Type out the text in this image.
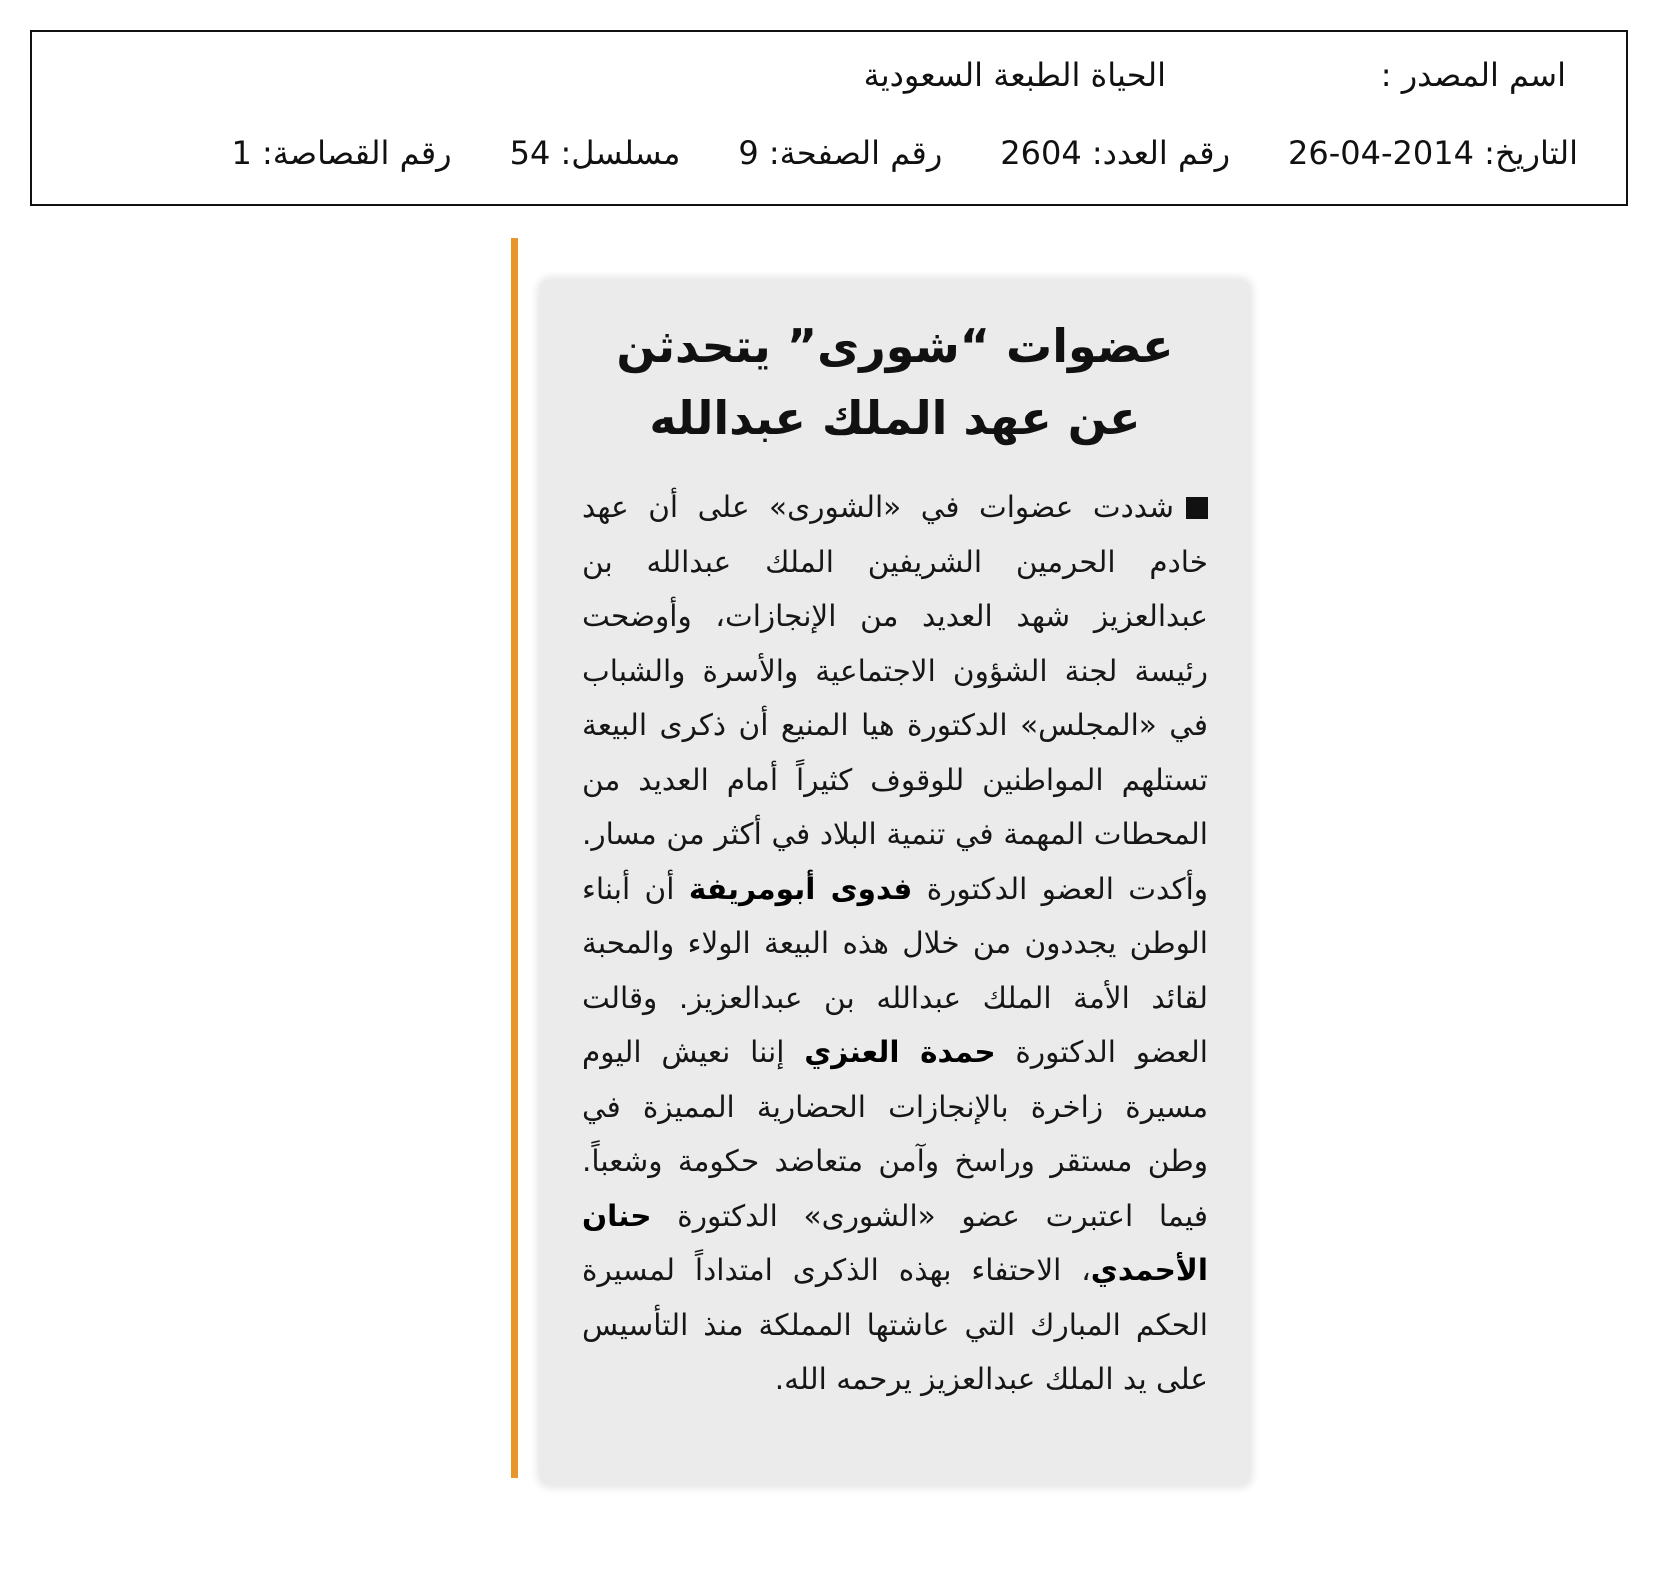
اسم المصدر :
الحياة الطبعة السعودية
التاريخ: 2014-04-26
رقم العدد: 2604
رقم الصفحة: 9
مسلسل: 54
رقم القصاصة: 1
عضوات “شورى” يتحدثن
عن عهد الملك عبدالله
شددت عضوات في «الشورى» على أن عهد خادم الحرمين الشريفين الملك عبدالله بن عبدالعزيز شهد العديد من الإنجازات، وأوضحت رئيسة لجنة الشؤون الاجتماعية والأسرة والشباب في «المجلس» الدكتورة هيا المنيع أن ذكرى البيعة تستلهم المواطنين للوقوف كثيراً أمام العديد من المحطات المهمة في تنمية البلاد في أكثر من مسار. وأكدت العضو الدكتورة فدوى أبومريفة أن أبناء الوطن يجددون من خلال هذه البيعة الولاء والمحبة لقائد الأمة الملك عبدالله بن عبدالعزيز. وقالت العضو الدكتورة حمدة العنزي إننا نعيش اليوم مسيرة زاخرة بالإنجازات الحضارية المميزة في وطن مستقر وراسخ وآمن متعاضد حكومة وشعباً. فيما اعتبرت عضو «الشورى» الدكتورة حنان الأحمدي، الاحتفاء بهذه الذكرى امتداداً لمسيرة الحكم المبارك التي عاشتها المملكة منذ التأسيس على يد الملك عبدالعزيز يرحمه الله.
